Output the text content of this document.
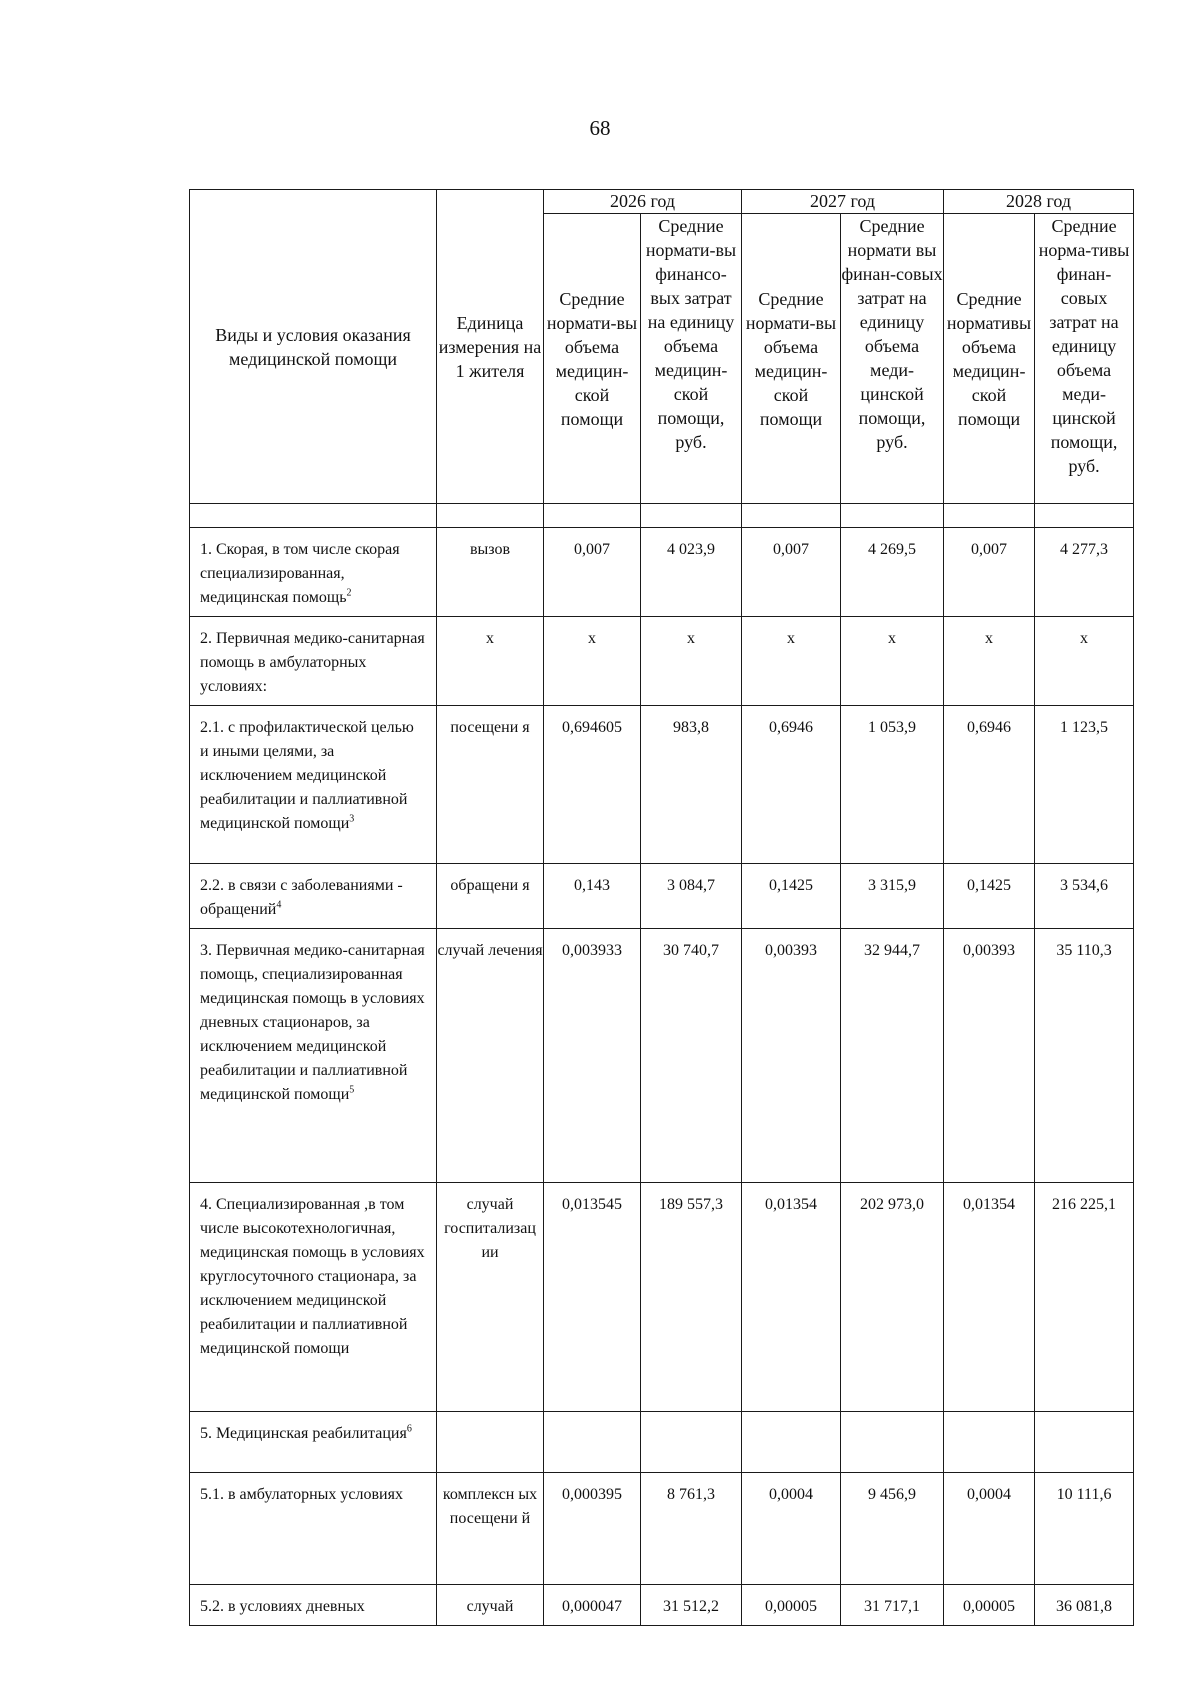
68
Виды и условия оказания медицинской помощи	Единица измерения на 1 жителя	2026 год		2027 год		2028 год	
		Средние нормати-вы объема медицин-ской помощи	Средние нормати-вы финансо-вых затрат на единицу объема медицин-ской помощи, руб.	Средние нормати-вы объема медицин-ской помощи	Средние нормати вы финан-совых затрат на единицу объема меди-цинской помощи, руб.	Средние нормативы объема медицин-ской помощи	Средние норма-тивы финан-совых затрат на единицу объема меди-цинской помощи, руб.

1. Скорая, в том числе скорая специализированная, медицинская помощь$^2$	вызов	0,007	4 023,9	0,007	4 269,5	0,007	4 277,3
2. Первичная медико-санитарная помощь в амбулаторных условиях:	х	х	х	х	х	х	х
2.1. с профилактической целью и иными целями, за исключением медицинской реабилитации и паллиативной медицинской помощи$^3$	посещени я	0,694605	983,8	0,6946	1 053,9	0,6946	1 123,5
2.2. в связи с заболеваниями - обращений$^4$	обращени я	0,143	3 084,7	0,1425	3 315,9	0,1425	3 534,6
3. Первичная медико-санитарная помощь, специализированная медицинская помощь в условиях дневных стационаров, за исключением медицинской реабилитации и паллиативной медицинской помощи$^5$	случай лечения	0,003933	30 740,7	0,00393	32 944,7	0,00393	35 110,3
4. Специализированная ,в том числе высокотехнологичная, медицинская помощь в условиях круглосуточного стационара, за исключением медицинской реабилитации и паллиативной медицинской помощи	случай госпитализац ии	0,013545	189 557,3	0,01354	202 973,0	0,01354	216 225,1
5. Медицинская реабилитация$^6$							
5.1. в амбулаторных условиях	комплексн ых посещени й	0,000395	8 761,3	0,0004	9 456,9	0,0004	10 111,6
5.2. в условиях дневных	случай	0,000047	31 512,2	0,00005	31 717,1	0,00005	36 081,8
